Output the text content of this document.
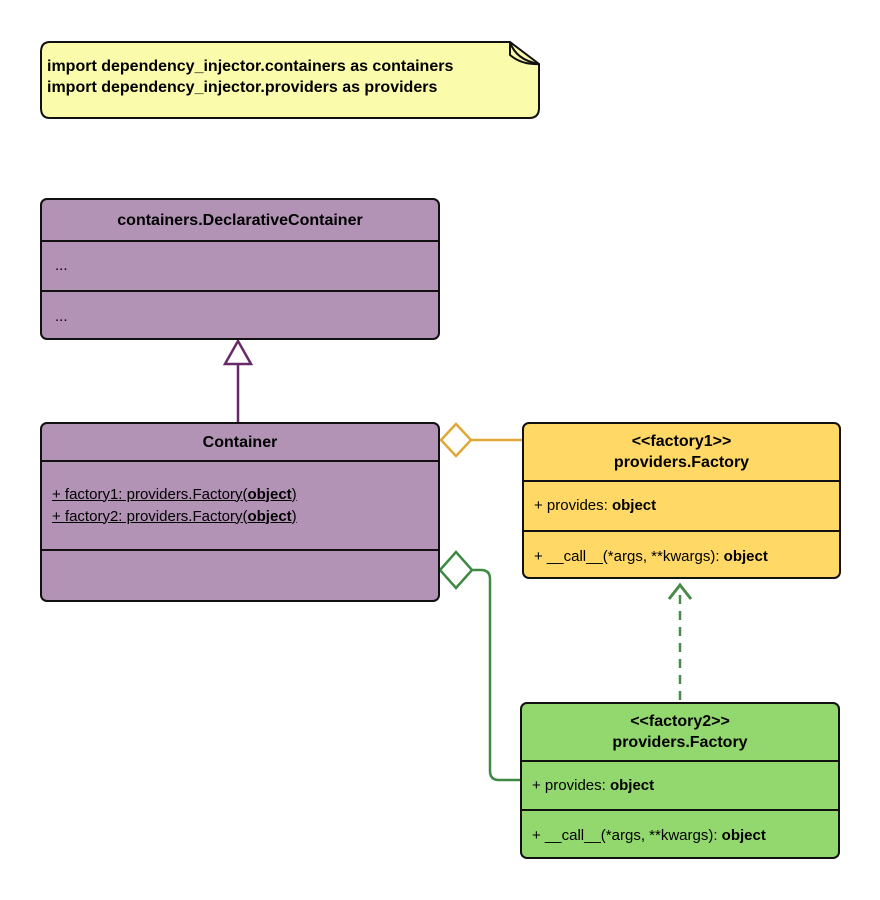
import dependency_injector.containers as containers
import dependency_injector.providers as providers
containers.DeclarativeContainer
...
...
Container
+ factory1: providers.Factory(object)
+ factory2: providers.Factory(object)
<<factory1>>
providers.Factory
+ provides: object
+ __call__(*args, **kwargs): object
<<factory2>>
providers.Factory
+ provides: object
+ __call__(*args, **kwargs): object
